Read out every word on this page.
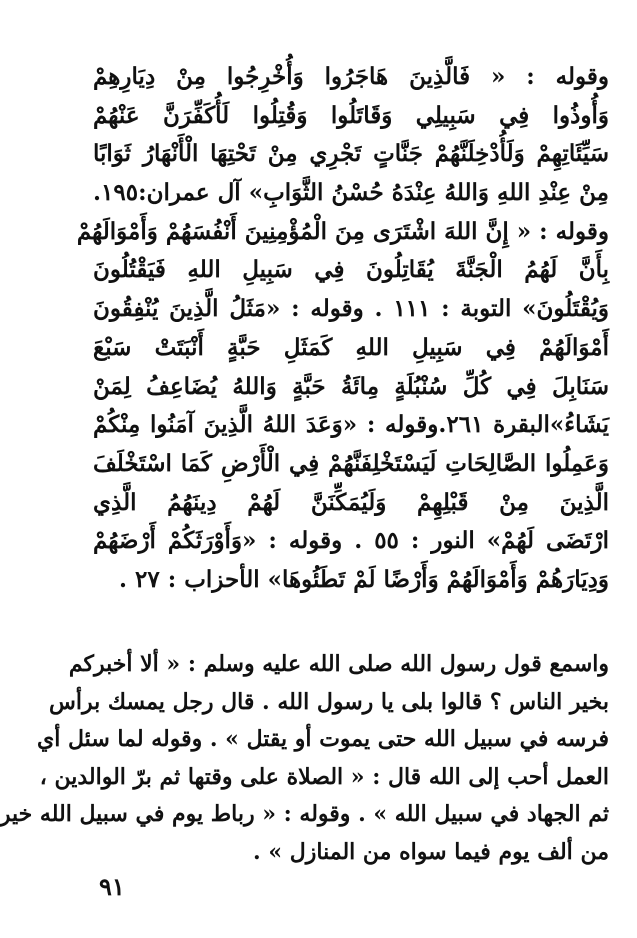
وقوله : « فَالَّذِينَ هَاجَرُوا وَأُخْرِجُوا مِنْ دِيَارِهِمْ
وَأُوذُوا فِي سَبِيلِي وَقَاتَلُوا وَقُتِلُوا لَأُكَفِّرَنَّ عَنْهُمْ
سَيِّئَاتِهِمْ وَلَأُدْخِلَنَّهُمْ جَنَّاتٍ تَجْرِي مِنْ تَحْتِهَا الْأَنْهَارُ ثَوَابًا
مِنْ عِنْدِ اللهِ وَاللهُ عِنْدَهُ حُسْنُ الثَّوَابِ» آل عمران:١٩٥.
وقوله : « إِنَّ اللهَ اشْتَرَى مِنَ الْمُؤْمِنِينَ أَنْفُسَهُمْ وَأَمْوَالَهُمْ
بِأَنَّ لَهُمُ الْجَنَّةَ يُقَاتِلُونَ فِي سَبِيلِ اللهِ فَيَقْتُلُونَ
وَيُقْتَلُونَ» التوبة : ١١١ . وقوله : «مَثَلُ الَّذِينَ يُنْفِقُونَ
أَمْوَالَهُمْ فِي سَبِيلِ اللهِ كَمَثَلِ حَبَّةٍ أَنْبَتَتْ سَبْعَ
سَنَابِلَ فِي كُلِّ سُنْبُلَةٍ مِائَةُ حَبَّةٍ وَاللهُ يُضَاعِفُ لِمَنْ
يَشَاءُ»البقرة ٢٦١.وقوله : «وَعَدَ اللهُ الَّذِينَ آمَنُوا مِنْكُمْ
وَعَمِلُوا الصَّالِحَاتِ لَيَسْتَخْلِفَنَّهُمْ فِي الْأَرْضِ كَمَا اسْتَخْلَفَ
الَّذِينَ مِنْ قَبْلِهِمْ وَلَيُمَكِّنَنَّ لَهُمْ دِينَهُمُ الَّذِي
ارْتَضَى لَهُمْ» النور : ٥٥ . وقوله : «وَأَوْرَثَكُمْ أَرْضَهُمْ
وَدِيَارَهُمْ وَأَمْوَالَهُمْ وَأَرْضًا لَمْ تَطَئُوهَا» الأحزاب : ٢٧ .
واسمع قول رسول الله صلى الله عليه وسلم : « ألا أخبركم
بخير الناس ؟ قالوا بلى يا رسول الله . قال رجل يمسك برأس
فرسه في سبيل الله حتى يموت أو يقتل » . وقوله لما سئل أي
العمل أحب إلى الله قال : « الصلاة على وقتها ثم برّ الوالدين ،
ثم الجهاد في سبيل الله » . وقوله : « رباط يوم في سبيل الله خير
من ألف يوم فيما سواه من المنازل » .
٩١
